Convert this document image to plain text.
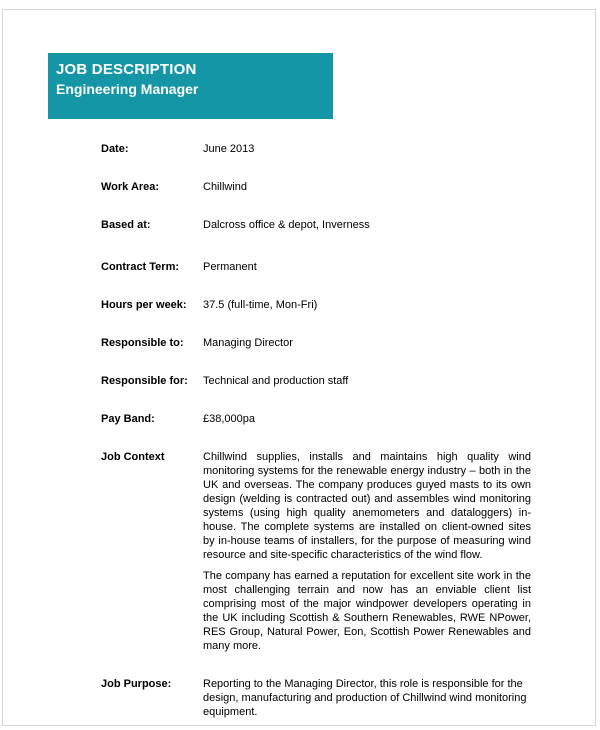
JOB DESCRIPTION
Engineering Manager
Date:	June 2013
Work Area:	Chillwind
Based at:	Dalcross office & depot, Inverness
Contract Term:	Permanent
Hours per week:	37.5 (full-time, Mon-Fri)
Responsible to:	Managing Director
Responsible for:	Technical and production staff
Pay Band:	£38,000pa
Job Context	Chillwind supplies, installs and maintains high quality wind monitoring systems for the renewable energy industry – both in the UK and overseas. The company produces guyed masts to its own design (welding is contracted out) and assembles wind monitoring systems (using high quality anemometers and dataloggers) in-house. The complete systems are installed on client-owned sites by in-house teams of installers, for the purpose of measuring wind resource and site-specific characteristics of the wind flow.

The company has earned a reputation for excellent site work in the most challenging terrain and now has an enviable client list comprising most of the major windpower developers operating in the UK including Scottish & Southern Renewables, RWE NPower, RES Group, Natural Power, Eon, Scottish Power Renewables and many more.

Job Purpose:	Reporting to the Managing Director, this role is responsible for the design, manufacturing and production of Chillwind wind monitoring equipment.
